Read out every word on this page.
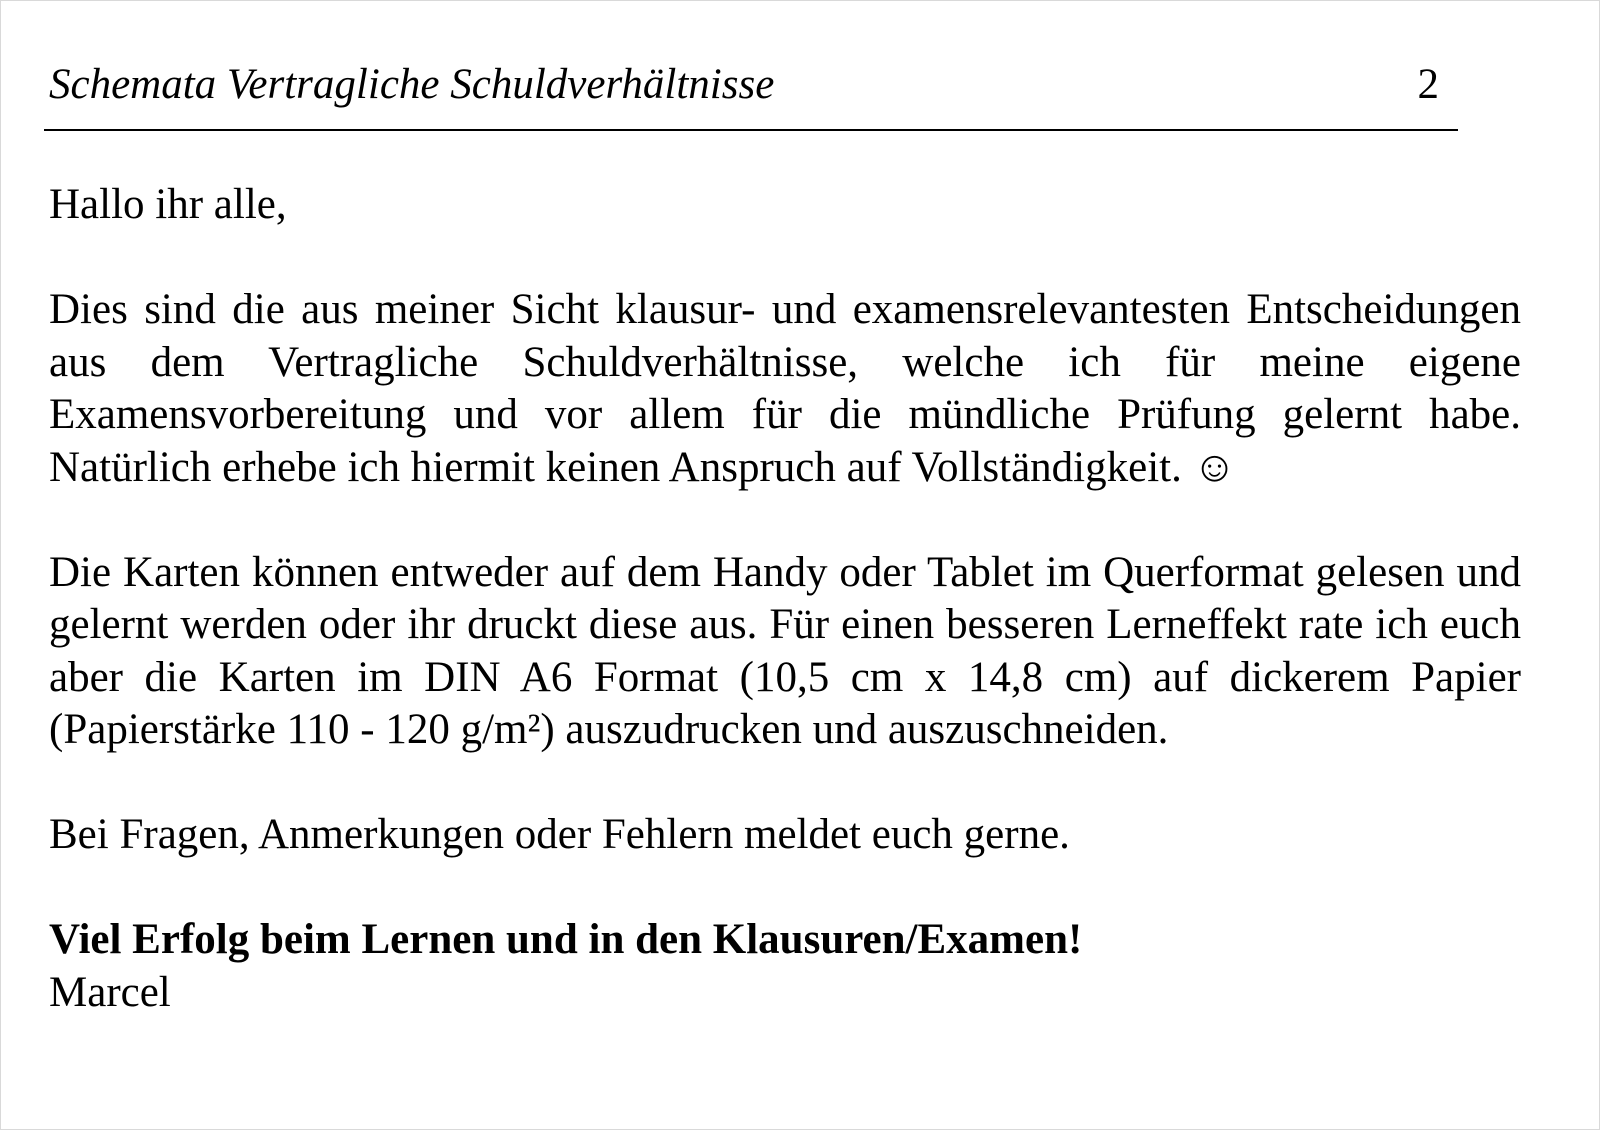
Schemata Vertragliche Schuldverhältnisse	2

Hallo ihr alle,

Dies sind die aus meiner Sicht klausur- und examensrelevantesten Entscheidungen aus dem Vertragliche Schuldverhältnisse, welche ich für meine eigene Examensvorbereitung und vor allem für die mündliche Prüfung gelernt habe. Natürlich erhebe ich hiermit keinen Anspruch auf Vollständigkeit. ☺

Die Karten können entweder auf dem Handy oder Tablet im Querformat gelesen und gelernt werden oder ihr druckt diese aus. Für einen besseren Lerneffekt rate ich euch aber die Karten im DIN A6 Format (10,5 cm x 14,8 cm) auf dickerem Papier (Papierstärke 110 - 120 g/m²) auszudrucken und auszuschneiden.

Bei Fragen, Anmerkungen oder Fehlern meldet euch gerne.

Viel Erfolg beim Lernen und in den Klausuren/Examen!

Marcel
